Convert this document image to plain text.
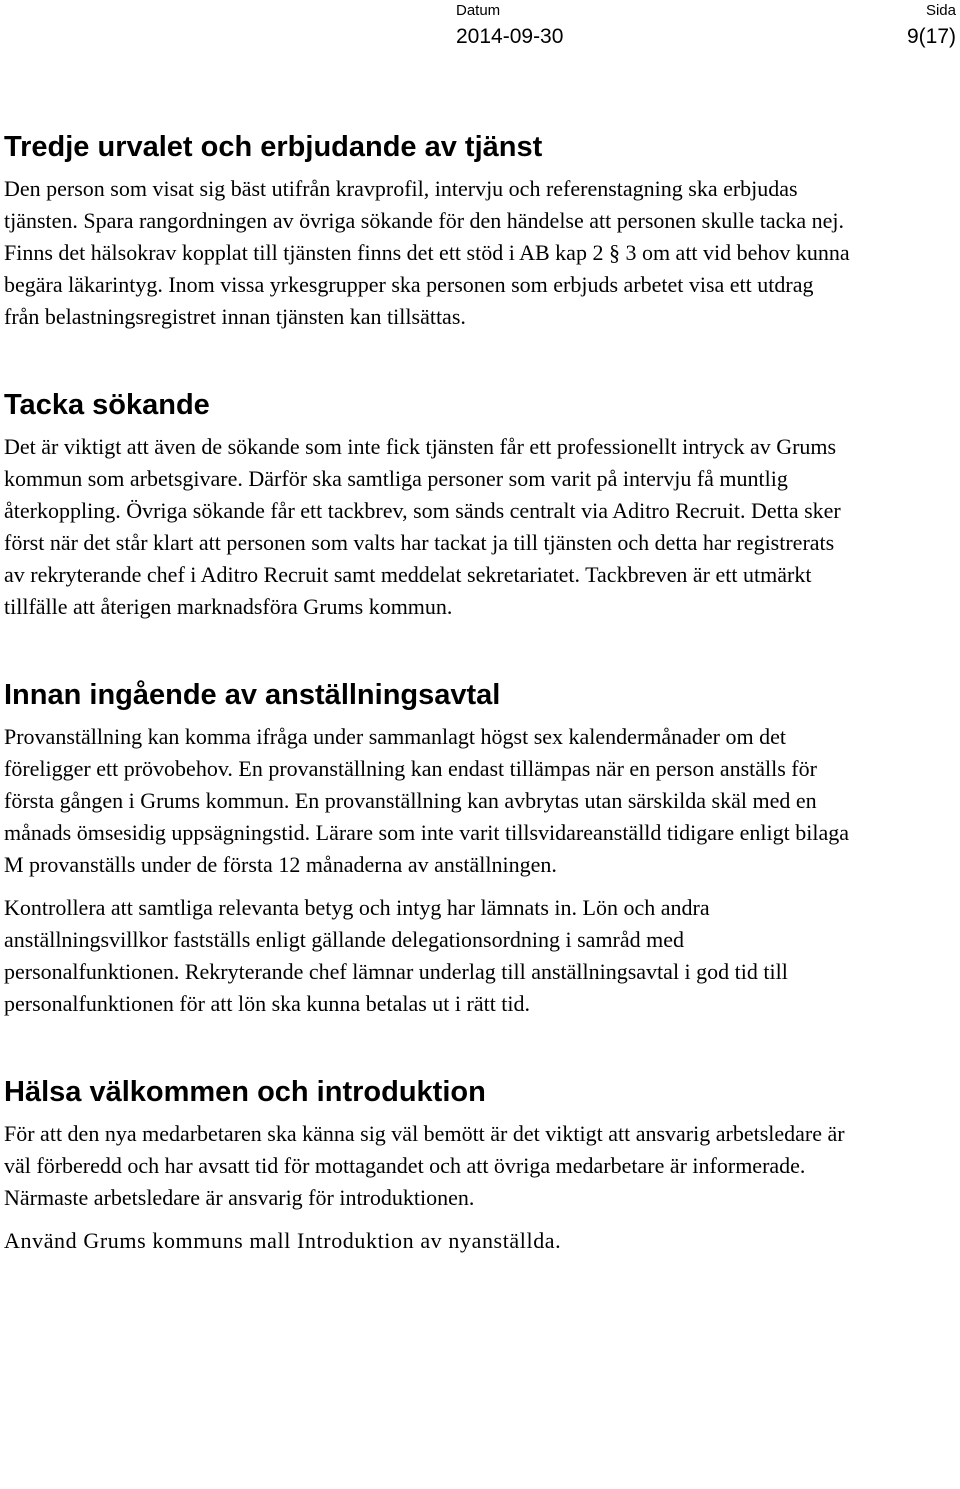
Datum
2014-09-30
Sida
9(17)
Tredje urvalet och erbjudande av tjänst

Den person som visat sig bäst utifrån kravprofil, intervju och referenstagning ska erbjudas tjänsten. Spara rangordningen av övriga sökande för den händelse att personen skulle tacka nej. Finns det hälsokrav kopplat till tjänsten finns det ett stöd i AB kap 2 § 3 om att vid behov kunna begära läkarintyg. Inom vissa yrkesgrupper ska personen som erbjuds arbetet visa ett utdrag från belastningsregistret innan tjänsten kan tillsättas.

Tacka sökande

Det är viktigt att även de sökande som inte fick tjänsten får ett professionellt intryck av Grums kommun som arbetsgivare. Därför ska samtliga personer som varit på intervju få muntlig återkoppling. Övriga sökande får ett tackbrev, som sänds centralt via Aditro Recruit. Detta sker först när det står klart att personen som valts har tackat ja till tjänsten och detta har registrerats av rekryterande chef i Aditro Recruit samt meddelat sekretariatet. Tackbreven är ett utmärkt tillfälle att återigen marknadsföra Grums kommun.

Innan ingående av anställningsavtal

Provanställning kan komma ifråga under sammanlagt högst sex kalendermånader om det föreligger ett prövobehov. En provanställning kan endast tillämpas när en person anställs för första gången i Grums kommun. En provanställning kan avbrytas utan särskilda skäl med en månads ömsesidig uppsägningstid. Lärare som inte varit tillsvidareanställd tidigare enligt bilaga M provanställs under de första 12 månaderna av anställningen.

Kontrollera att samtliga relevanta betyg och intyg har lämnats in. Lön och andra anställningsvillkor fastställs enligt gällande delegationsordning i samråd med personalfunktionen. Rekryterande chef lämnar underlag till anställningsavtal i god tid till personalfunktionen för att lön ska kunna betalas ut i rätt tid.

Hälsa välkommen och introduktion

För att den nya medarbetaren ska känna sig väl bemött är det viktigt att ansvarig arbetsledare är väl förberedd och har avsatt tid för mottagandet och att övriga medarbetare är informerade. Närmaste arbetsledare är ansvarig för introduktionen.

Använd Grums kommuns mall Introduktion av nyanställda.
